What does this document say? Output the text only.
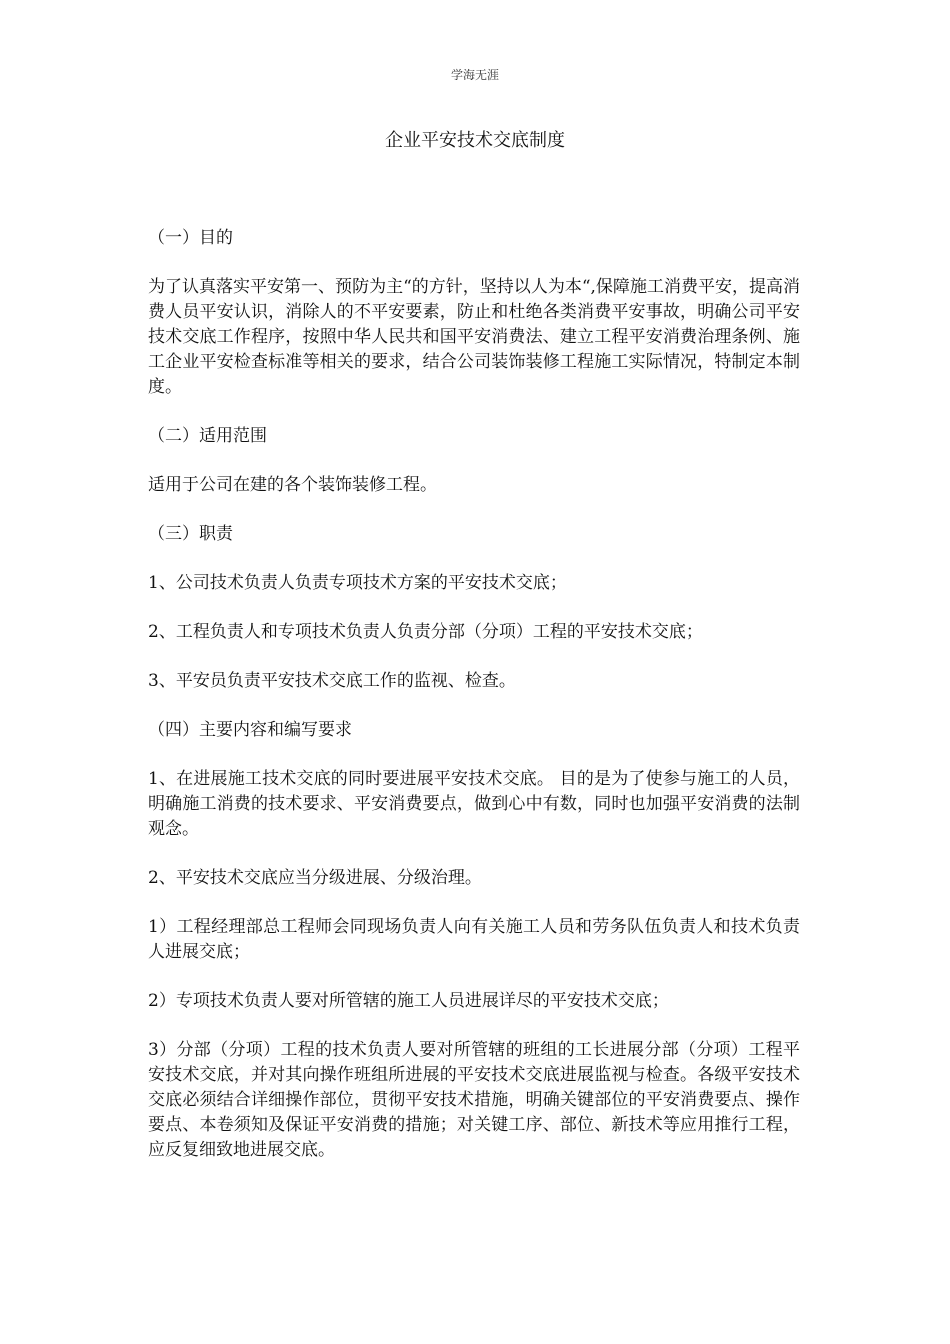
学海无涯
企业平安技术交底制度

（一）目的

为了认真落实平安第一、预防为主“的方针，坚持以人为本“,保障施工消费平安，提高消费人员平安认识，消除人的不平安要素，防止和杜绝各类消费平安事故，明确公司平安技术交底工作程序，按照中华人民共和国平安消费法、建立工程平安消费治理条例、施工企业平安检查标准等相关的要求，结合公司装饰装修工程施工实际情况，特制定本制度。

（二）适用范围

适用于公司在建的各个装饰装修工程。

（三）职责

1、公司技术负责人负责专项技术方案的平安技术交底；

2、工程负责人和专项技术负责人负责分部（分项）工程的平安技术交底；

3、平安员负责平安技术交底工作的监视、检查。

（四）主要内容和编写要求

1、在进展施工技术交底的同时要进展平安技术交底。 目的是为了使参与施工的人员，明确施工消费的技术要求、平安消费要点，做到心中有数，同时也加强平安消费的法制观念。

2、平安技术交底应当分级进展、分级治理。

1）工程经理部总工程师会同现场负责人向有关施工人员和劳务队伍负责人和技术负责人进展交底；

2）专项技术负责人要对所管辖的施工人员进展详尽的平安技术交底；

3）分部（分项）工程的技术负责人要对所管辖的班组的工长进展分部（分项）工程平安技术交底，并对其向操作班组所进展的平安技术交底进展监视与检查。各级平安技术交底必须结合详细操作部位，贯彻平安技术措施，明确关键部位的平安消费要点、操作要点、本卷须知及保证平安消费的措施；对关键工序、部位、新技术等应用推行工程，应反复细致地进展交底。
